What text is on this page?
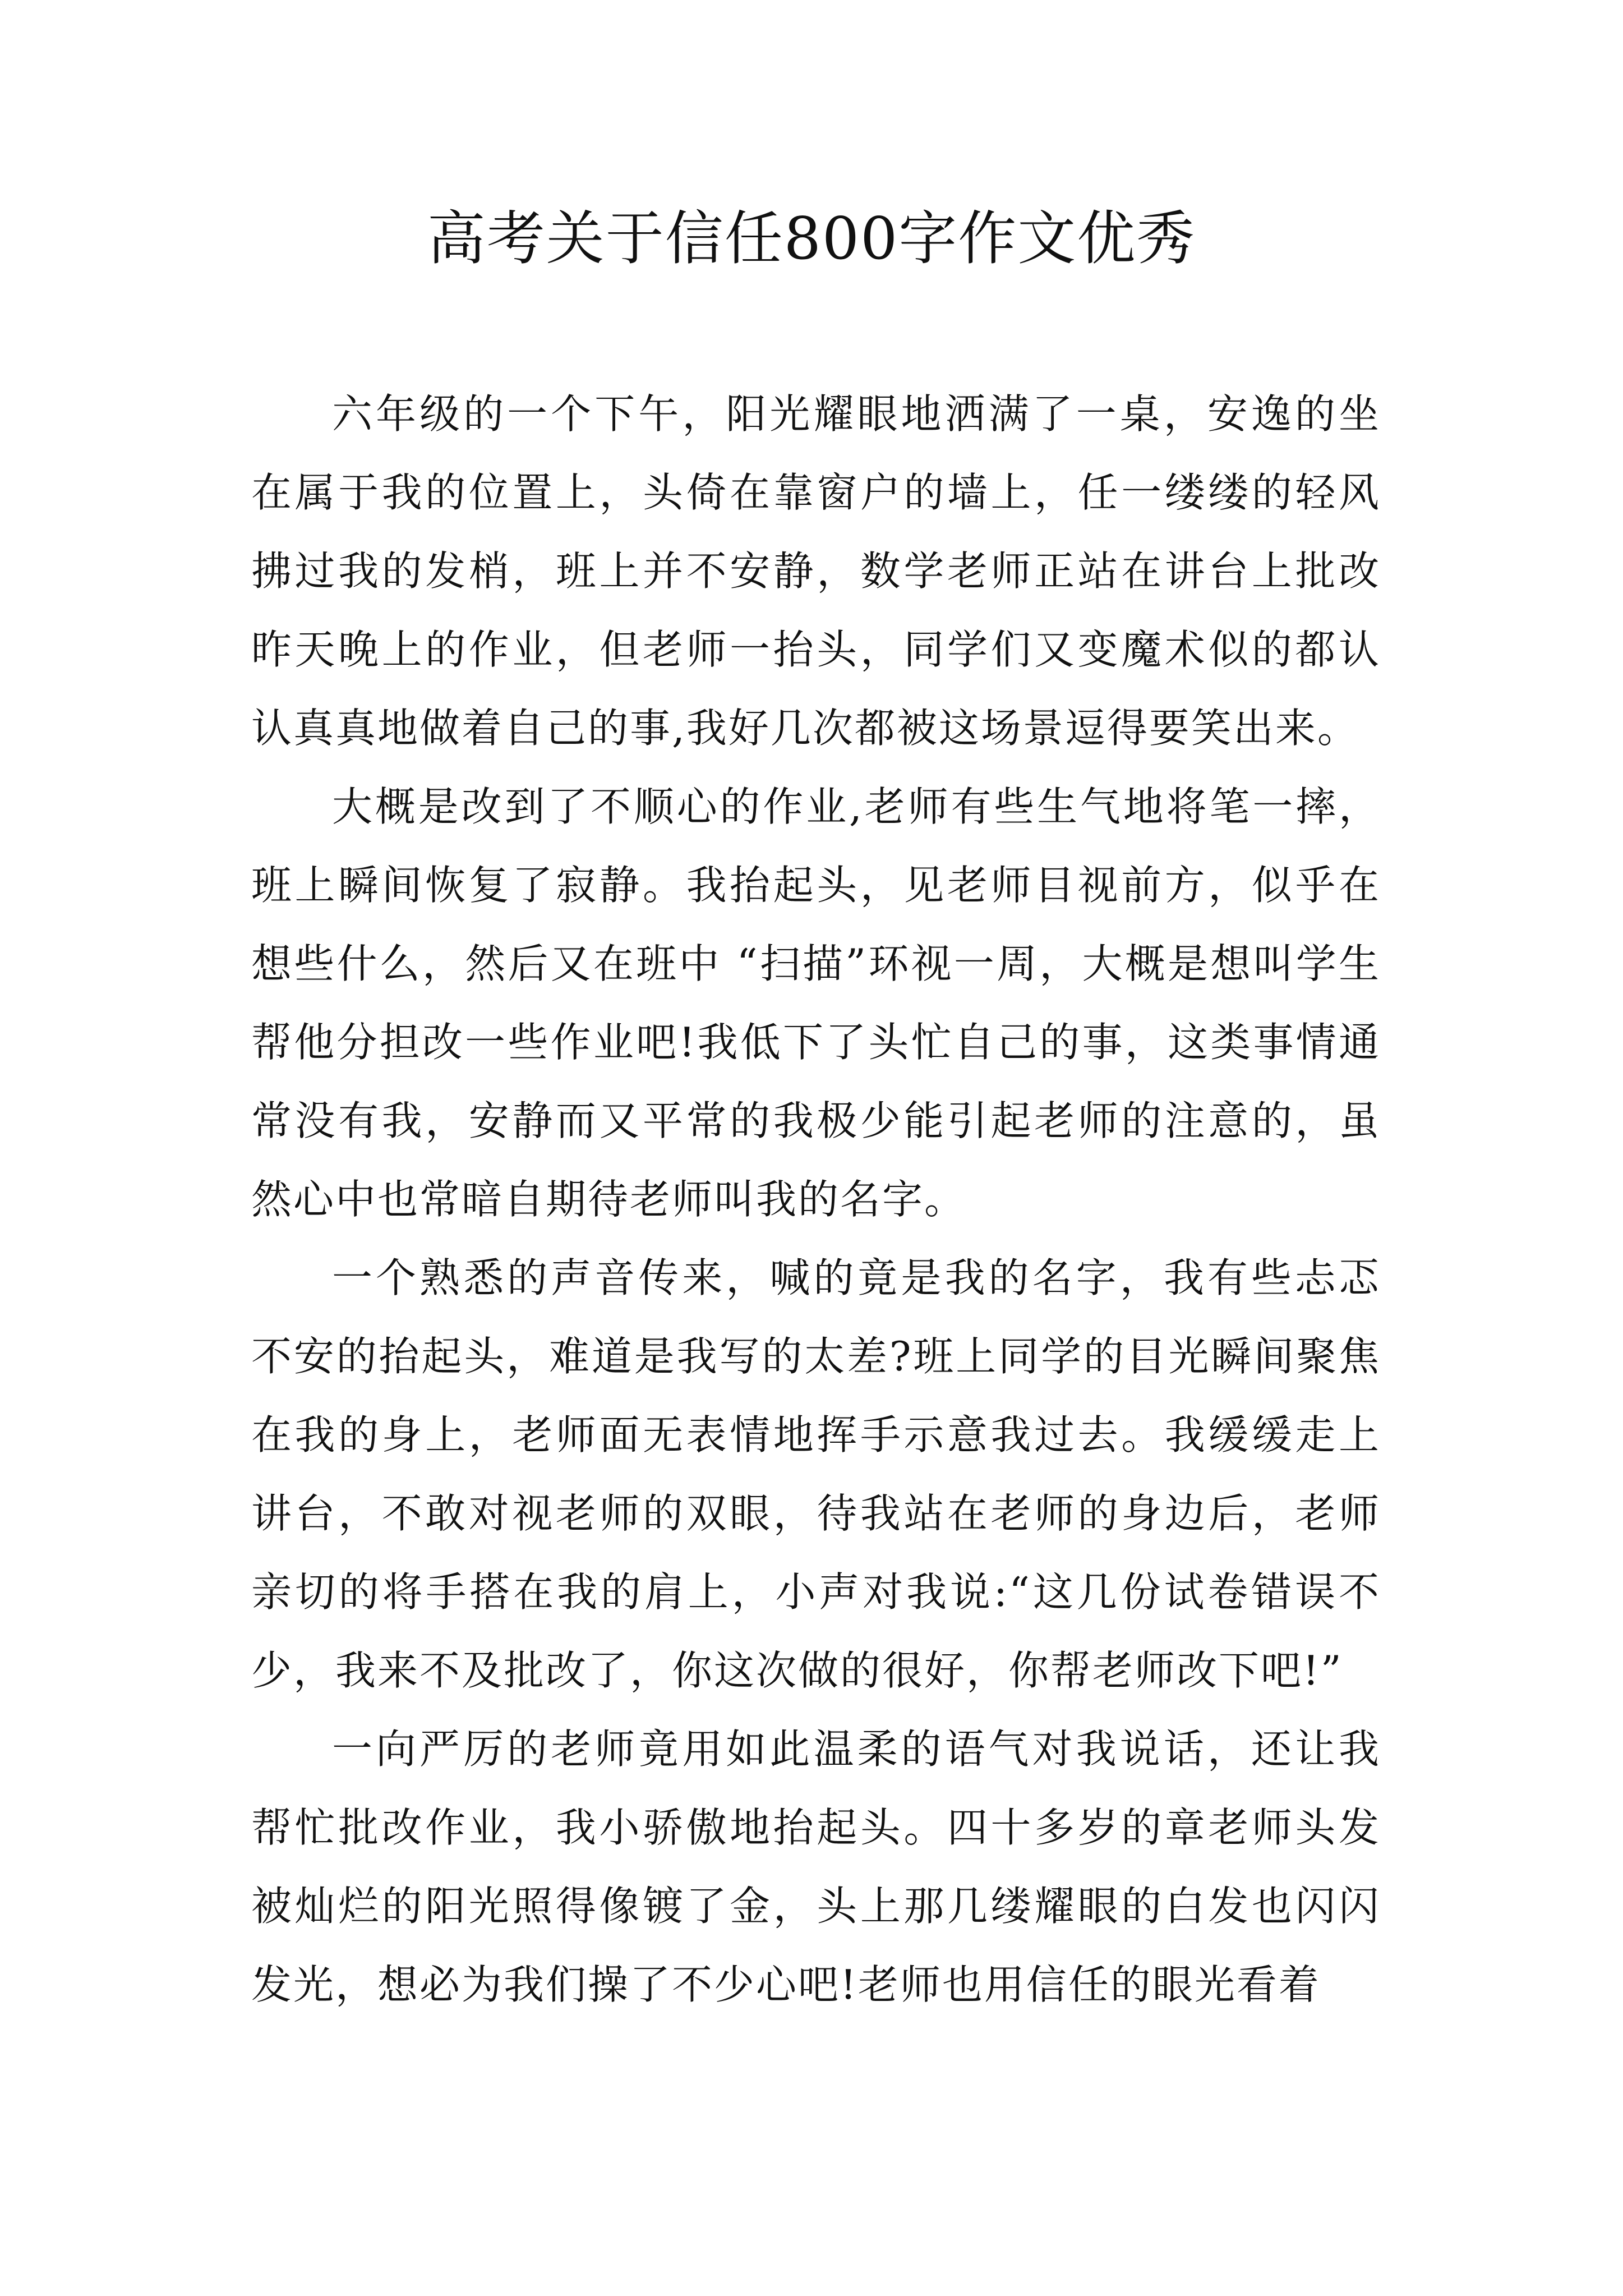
高考关于信任800字作文优秀

六年级的一个下午，阳光耀眼地洒满了一桌，安逸的坐在属于我的位置上，头倚在靠窗户的墙上，任一缕缕的轻风拂过我的发梢，班上并不安静，数学老师正站在讲台上批改昨天晚上的作业，但老师一抬头，同学们又变魔术似的都认认真真地做着自己的事,我好几次都被这场景逗得要笑出来。

大概是改到了不顺心的作业,老师有些生气地将笔一摔，班上瞬间恢复了寂静。我抬起头，见老师目视前方，似乎在想些什么，然后又在班中 “扫描”环视一周，大概是想叫学生帮他分担改一些作业吧!我低下了头忙自己的事，这类事情通常没有我，安静而又平常的我极少能引起老师的注意的，虽然心中也常暗自期待老师叫我的名字。

一个熟悉的声音传来，喊的竟是我的名字，我有些忐忑不安的抬起头，难道是我写的太差?班上同学的目光瞬间聚焦在我的身上，老师面无表情地挥手示意我过去。我缓缓走上讲台，不敢对视老师的双眼，待我站在老师的身边后，老师亲切的将手搭在我的肩上，小声对我说:“这几份试卷错误不少，我来不及批改了，你这次做的很好，你帮老师改下吧!”

一向严厉的老师竟用如此温柔的语气对我说话，还让我帮忙批改作业，我小骄傲地抬起头。四十多岁的章老师头发被灿烂的阳光照得像镀了金，头上那几缕耀眼的白发也闪闪发光，想必为我们操了不少心吧!老师也用信任的眼光看着
